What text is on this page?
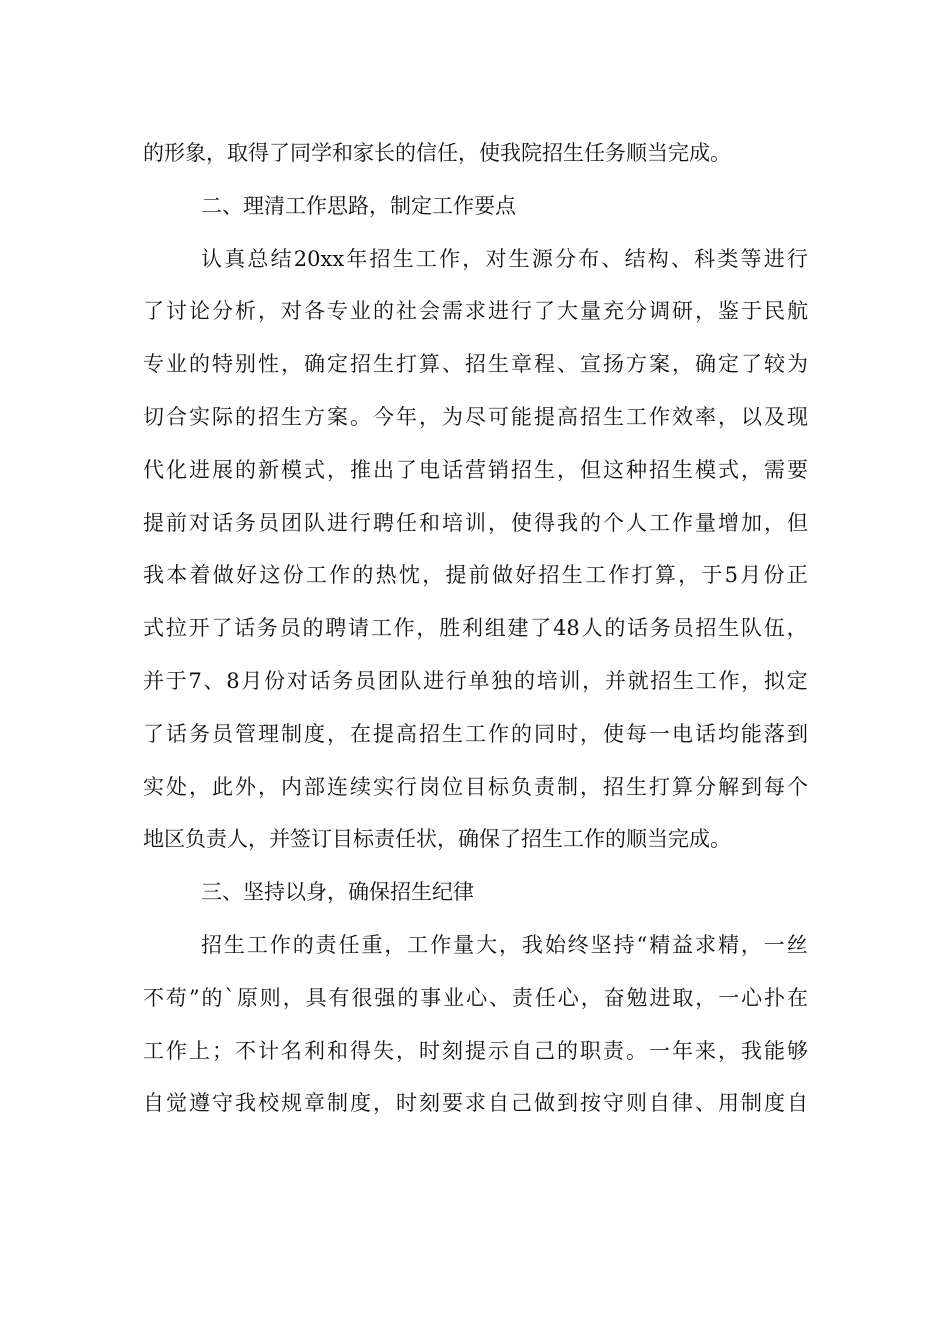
的形象，取得了同学和家长的信任，使我院招生任务顺当完成。
二、理清工作思路，制定工作要点
认 真 总 结 20xx 年 招 生 工 作 ， 对 生 源 分 布 、 结 构 、 科 类 等 进 行
了 讨 论 分 析 ， 对 各 专 业 的 社 会 需 求 进 行 了 大 量 充 分 调 研 ， 鉴 于 民 航
专 业 的 特 别 性 ， 确 定 招 生 打 算 、 招 生 章 程 、 宣 扬 方 案 ， 确 定 了 较 为
切 合 实 际 的 招 生 方 案 。 今 年 ， 为 尽 可 能 提 高 招 生 工 作 效 率 ， 以 及 现
代 化 进 展 的 新 模 式 ， 推 出 了 电 话 营 销 招 生 ， 但 这 种 招 生 模 式 ， 需 要
提 前 对 话 务 员 团 队 进 行 聘 任 和 培 训 ， 使 得 我 的 个 人 工 作 量 增 加 ， 但
我 本 着 做 好 这 份 工 作 的 热 忱 ， 提 前 做 好 招 生 工 作 打 算 ， 于 5 月 份 正
式 拉 开 了 话 务 员 的 聘 请 工 作 ， 胜 利 组 建 了 48 人 的 话 务 员 招 生 队 伍 ，
并 于 7 、 8 月 份 对 话 务 员 团 队 进 行 单 独 的 培 训 ， 并 就 招 生 工 作 ， 拟 定
了 话 务 员 管 理 制 度 ， 在 提 高 招 生 工 作 的 同 时 ， 使 每 一 电 话 均 能 落 到
实 处 ， 此 外 ， 内 部 连 续 实 行 岗 位 目 标 负 责 制 ， 招 生 打 算 分 解 到 每 个
地区负责人，并签订目标责任状，确保了招生工作的顺当完成。
三、坚持以身，确保招生纪律
招 生 工 作 的 责 任 重 ， 工 作 量 大 ， 我 始 终 坚 持 “ 精 益 求 精 ， 一 丝
不 苟 ” 的 ` 原 则 ， 具 有 很 强 的 事 业 心 、 责 任 心 ， 奋 勉 进 取 ， 一 心 扑 在
工 作 上 ； 不 计 名 利 和 得 失 ， 时 刻 提 示 自 己 的 职 责 。 一 年 来 ， 我 能 够
自 觉 遵 守 我 校 规 章 制 度 ， 时 刻 要 求 自 己 做 到 按 守 则 自 律 、 用 制 度 自
